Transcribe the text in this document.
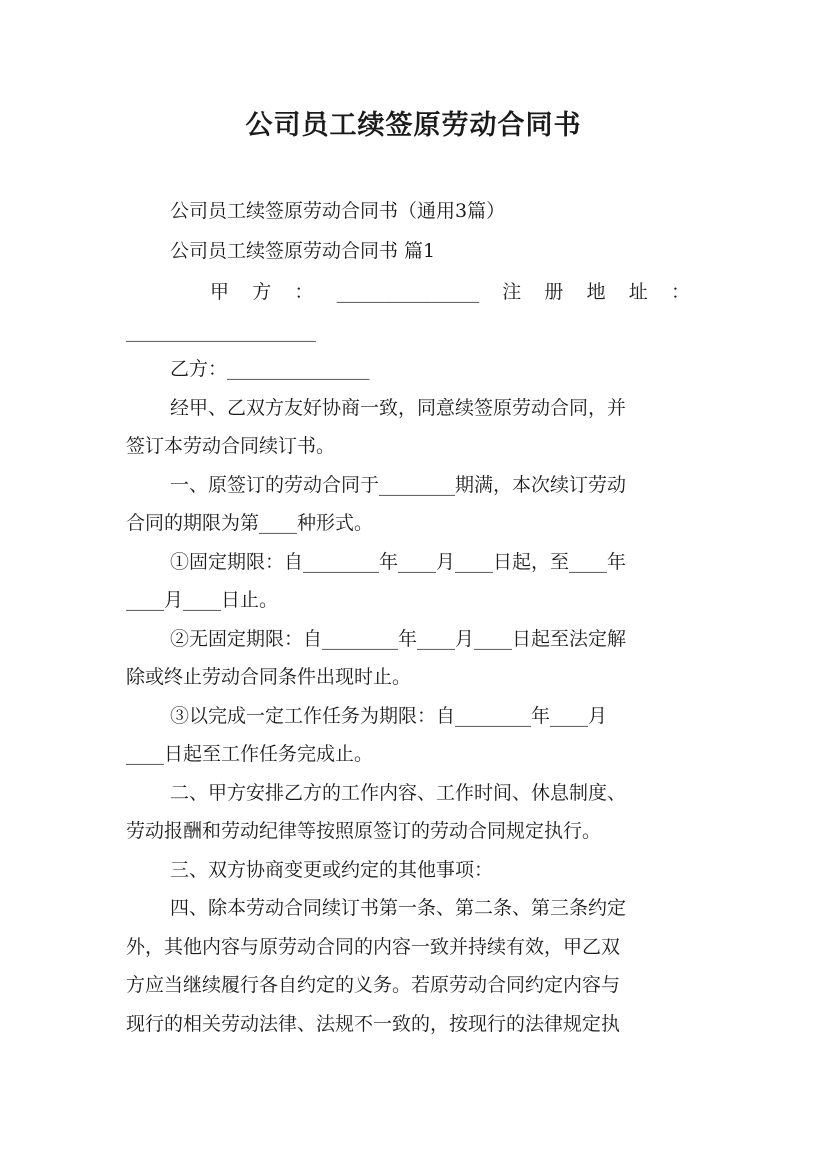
公司员工续签原劳动合同书
公司员工续签原劳动合同书（通用3篇）
公司员工续签原劳动合同书 篇1
甲 方 ： _______________ 注 册 地 址 ：
____________________
乙方：_______________
经甲、乙双方友好协商一致，同意续签原劳动合同，并
签订本劳动合同续订书。
一、原签订的劳动合同于________期满，本次续订劳动
合同的期限为第____种形式。
①固定期限：自________年____月____日起，至____年
____月____日止。
②无固定期限：自________年____月____日起至法定解
除或终止劳动合同条件出现时止。
③以完成一定工作任务为期限：自________年____月
____日起至工作任务完成止。
二、甲方安排乙方的工作内容、工作时间、休息制度、
劳动报酬和劳动纪律等按照原签订的劳动合同规定执行。
三、双方协商变更或约定的其他事项：
四、除本劳动合同续订书第一条、第二条、第三条约定
外，其他内容与原劳动合同的内容一致并持续有效，甲乙双
方应当继续履行各自约定的义务。若原劳动合同约定内容与
现行的相关劳动法律、法规不一致的，按现行的法律规定执
